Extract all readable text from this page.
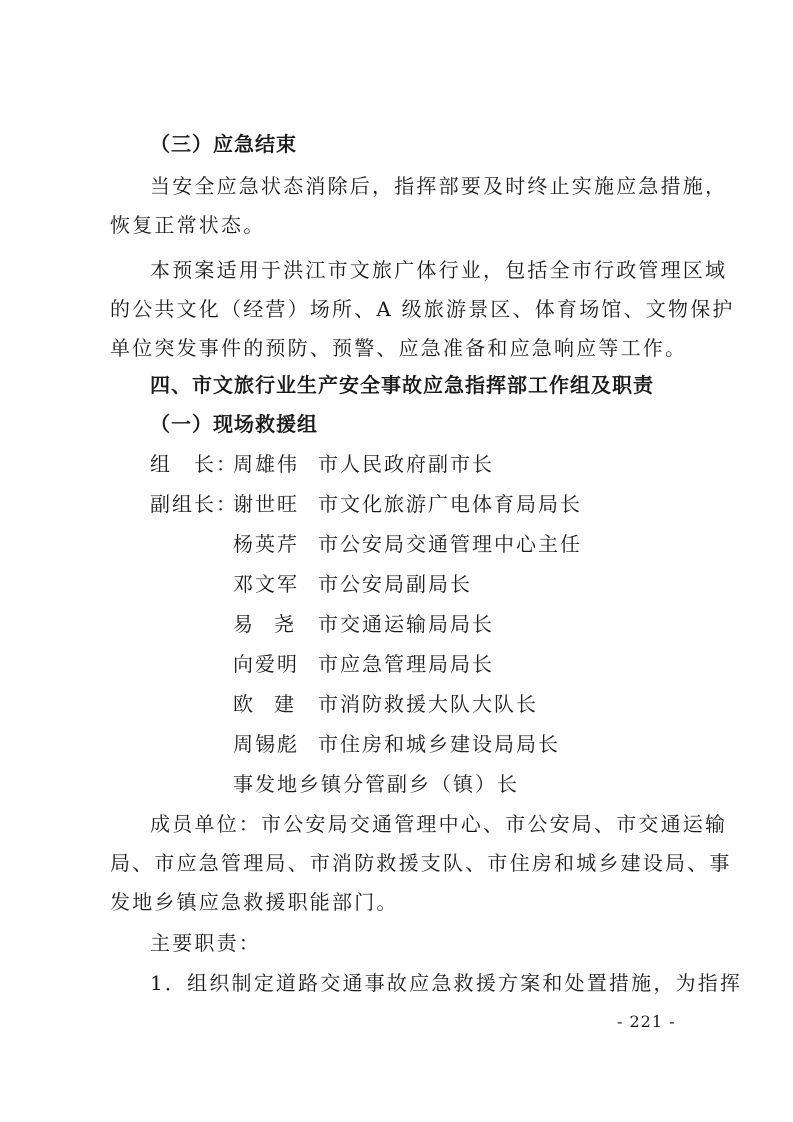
（三）应急结束
当安全应急状态消除后，指挥部要及时终止实施应急措施，
恢复正常状态。
本预案适用于洪江市文旅广体行业，包括全市行政管理区域
的公共文化（经营）场所、A 级旅游景区、体育场馆、文物保护
单位突发事件的预防、预警、应急准备和应急响应等工作。
四、市文旅行业生产安全事故应急指挥部工作组及职责
（一）现场救援组
组　长：
周雄伟 市人民政府副市长
副组长：
谢世旺 市文化旅游广电体育局局长
杨英芹 市公安局交通管理中心主任
邓文军 市公安局副局长
易尧 市交通运输局局长
向爱明 市应急管理局局长
欧建 市消防救援大队大队长
周锡彪 市住房和城乡建设局局长
事发地乡镇分管副乡（镇）长
成员单位：市公安局交通管理中心、市公安局、市交通运输
局、市应急管理局、市消防救援支队、市住房和城乡建设局、事
发地乡镇应急救援职能部门。
主要职责：
1．组织制定道路交通事故应急救援方案和处置措施，为指挥
- 221 -
